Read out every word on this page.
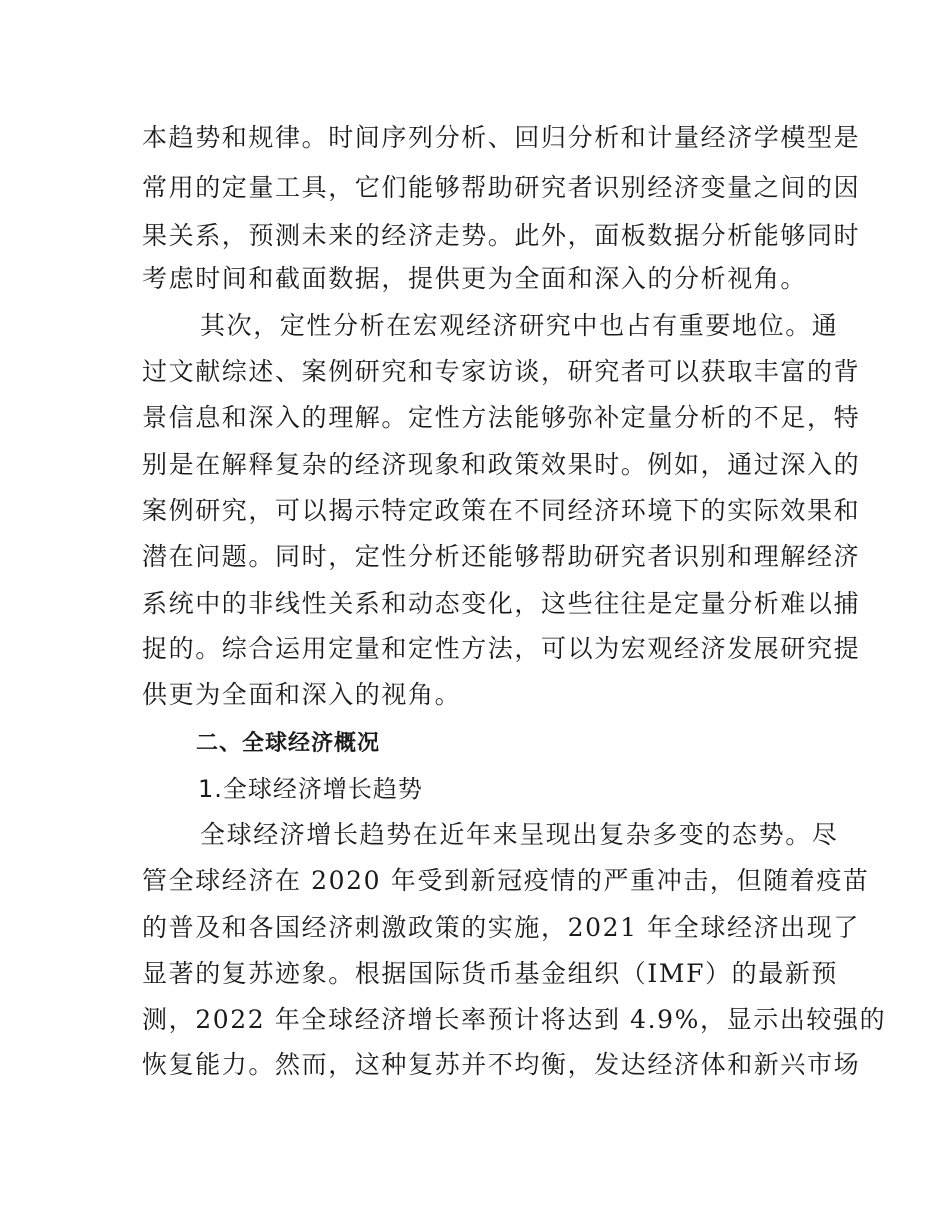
本趋势和规律。时间序列分析、回归分析和计量经济学模型是
常用的定量工具，它们能够帮助研究者识别经济变量之间的因
果关系，预测未来的经济走势。此外，面板数据分析能够同时
考虑时间和截面数据，提供更为全面和深入的分析视角。
其次，定性分析在宏观经济研究中也占有重要地位。通
过文献综述、案例研究和专家访谈，研究者可以获取丰富的背
景信息和深入的理解。定性方法能够弥补定量分析的不足，特
别是在解释复杂的经济现象和政策效果时。例如，通过深入的
案例研究，可以揭示特定政策在不同经济环境下的实际效果和
潜在问题。同时，定性分析还能够帮助研究者识别和理解经济
系统中的非线性关系和动态变化，这些往往是定量分析难以捕
捉的。综合运用定量和定性方法，可以为宏观经济发展研究提
供更为全面和深入的视角。
二、全球经济概况
1.全球经济增长趋势
全球经济增长趋势在近年来呈现出复杂多变的态势。尽
管全球经济在 2020 年受到新冠疫情的严重冲击，但随着疫苗
的普及和各国经济刺激政策的实施，2021 年全球经济出现了
显著的复苏迹象。根据国际货币基金组织（IMF）的最新预
测，2022 年全球经济增长率预计将达到 4.9%，显示出较强的
恢复能力。然而，这种复苏并不均衡，发达经济体和新兴市场
